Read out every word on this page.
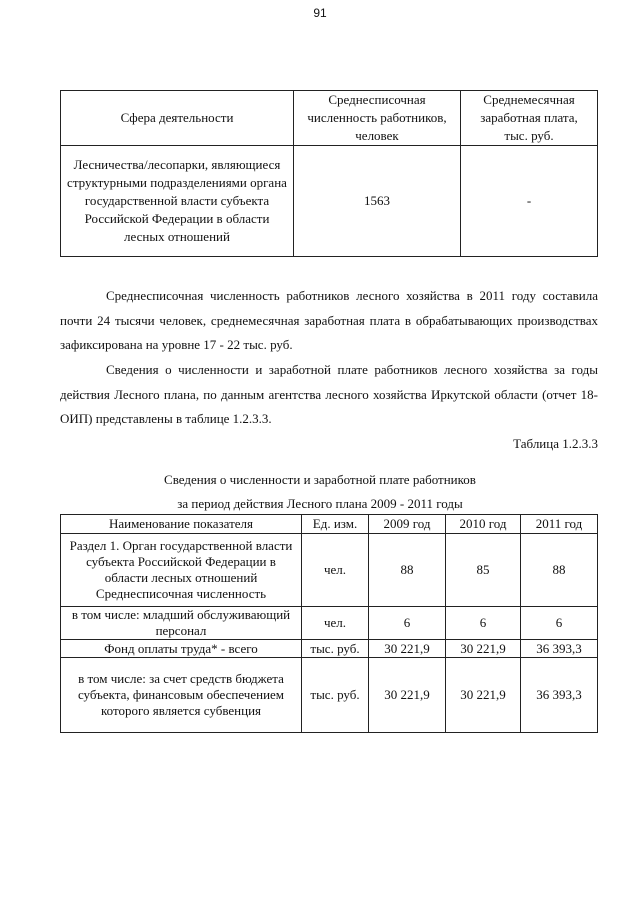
91
Сфера деятельности	Среднесписочная численность работников, человек	Среднемесячная заработная плата, тыс. руб.
Лесничества/лесопарки, являющиеся структурными подразделениями органа государственной власти субъекта Российской Федерации в области лесных отношений	1563	-

Среднесписочная численность работников лесного хозяйства в 2011 году составила почти 24 тысячи человек, среднемесячная заработная плата в обрабатывающих производствах зафиксирована на уровне 17 - 22 тыс. руб.

Сведения о численности и заработной плате работников лесного хозяйства за годы действия Лесного плана, по данным агентства лесного хозяйства Иркутской области (отчет 18-ОИП) представлены в таблице 1.2.3.3.

Таблица 1.2.3.3
Сведения о численности и заработной плате работников
за период действия Лесного плана 2009 - 2011 годы
Наименование показателя	Ед. изм.	2009 год	2010 год	2011 год
Раздел 1. Орган государственной власти субъекта Российской Федерации в области лесных отношений Среднесписочная численность	чел.	88	85	88
в том числе: младший обслуживающий персонал	чел.	6	6	6
Фонд оплаты труда* - всего	тыс. руб.	30 221,9	30 221,9	36 393,3
в том числе: за счет средств бюджета субъекта, финансовым обеспечением которого является субвенция	тыс. руб.	30 221,9	30 221,9	36 393,3
